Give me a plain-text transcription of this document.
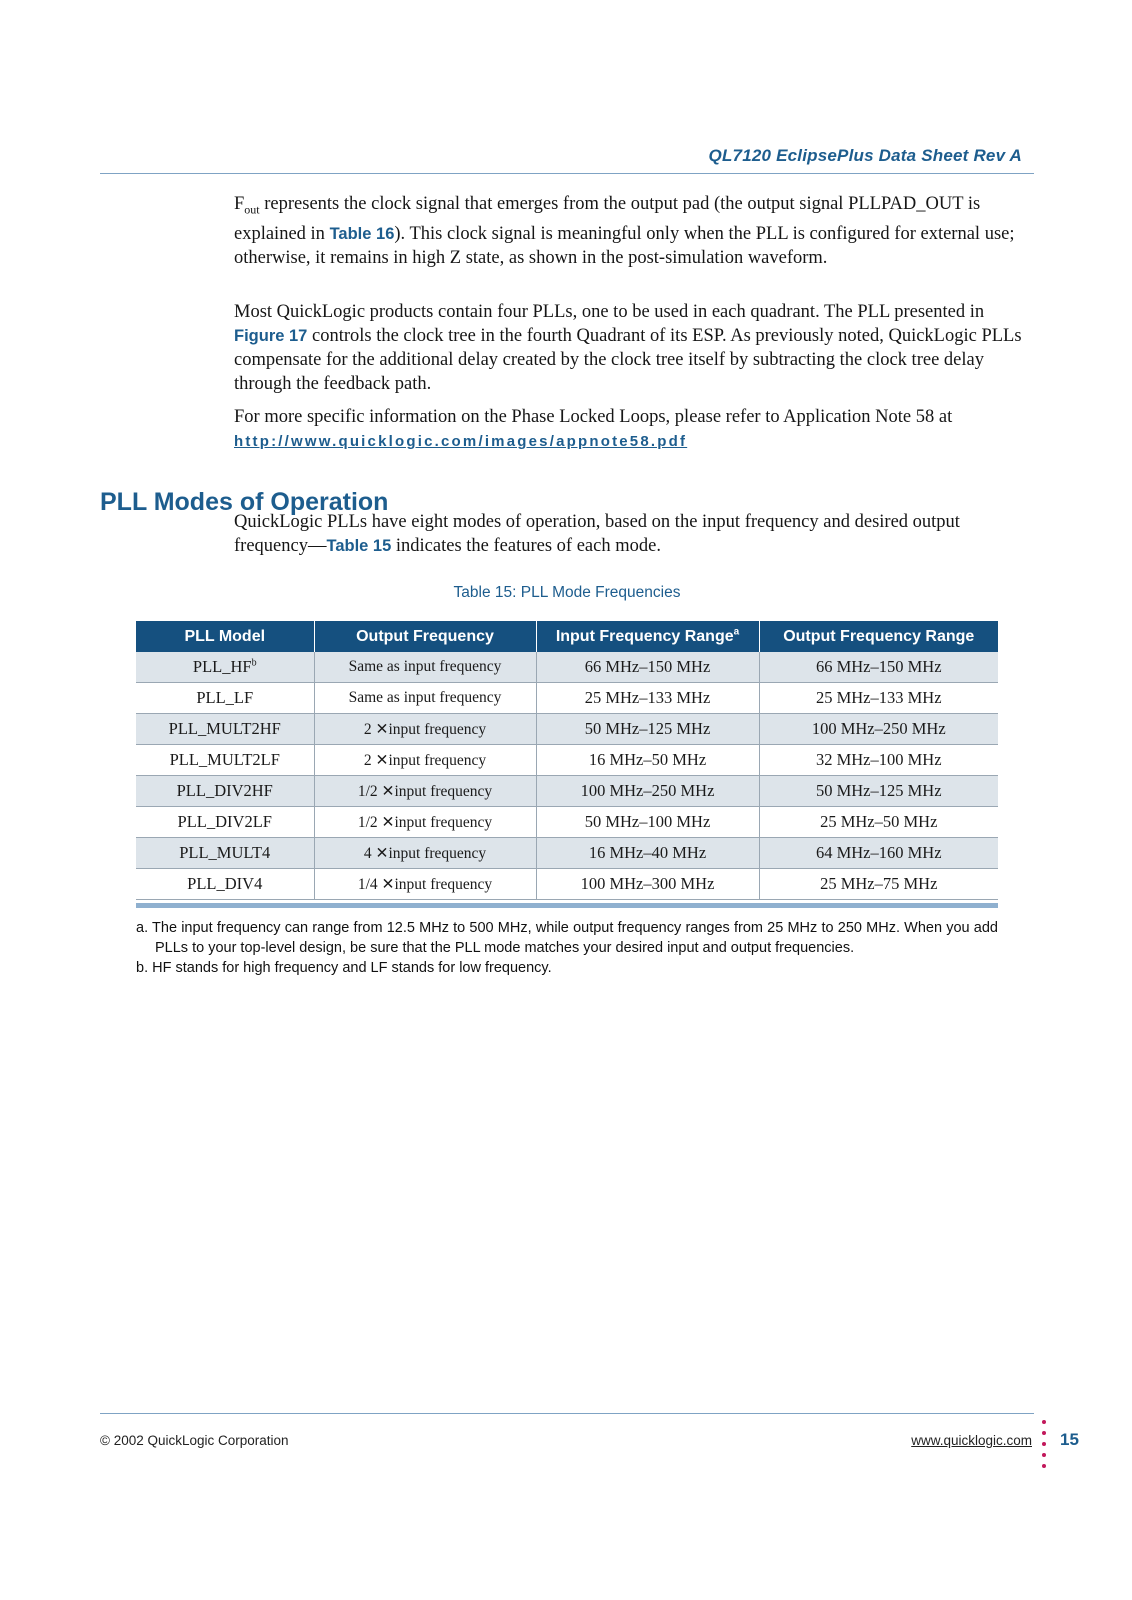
QL7120 EclipsePlus Data Sheet Rev A

$F_{out}$ represents the clock signal that emerges from the output pad (the output signal PLLPAD_OUT is explained in Table 16). This clock signal is meaningful only when the PLL is configured for external use; otherwise, it remains in high Z state, as shown in the post-simulation waveform.

Most QuickLogic products contain four PLLs, one to be used in each quadrant. The PLL presented in Figure 17 controls the clock tree in the fourth Quadrant of its ESP. As previously noted, QuickLogic PLLs compensate for the additional delay created by the clock tree itself by subtracting the clock tree delay through the feedback path.

For more specific information on the Phase Locked Loops, please refer to Application Note 58 at http://www.quicklogic.com/images/appnote58.pdf

PLL Modes of Operation

QuickLogic PLLs have eight modes of operation, based on the input frequency and desired output frequency—Table 15 indicates the features of each mode.

Table 15: PLL Mode Frequencies
PLL Model	Output Frequency	Input Frequency Range$^a$	Output Frequency Range
$PLL\_HF^b$	Same as input frequency	66 MHz–150 MHz	66 MHz–150 MHz
PLL_LF	Same as input frequency	25 MHz–133 MHz	25 MHz–133 MHz
PLL_MULT2HF	2 ✕input frequency	50 MHz–125 MHz	100 MHz–250 MHz
PLL_MULT2LF	2 ✕input frequency	16 MHz–50 MHz	32 MHz–100 MHz
PLL_DIV2HF	1/2 ✕input frequency	100 MHz–250 MHz	50 MHz–125 MHz
PLL_DIV2LF	1/2 ✕input frequency	50 MHz–100 MHz	25 MHz–50 MHz
PLL_MULT4	4 ✕input frequency	16 MHz–40 MHz	64 MHz–160 MHz
PLL_DIV4	1/4 ✕input frequency	100 MHz–300 MHz	25 MHz–75 MHz

a. The input frequency can range from 12.5 MHz to 500 MHz, while output frequency ranges from 25 MHz to 250 MHz. When you add PLLs to your top-level design, be sure that the PLL mode matches your desired input and output frequencies.

b. HF stands for high frequency and LF stands for low frequency.

© 2002 QuickLogic Corporation	www.quicklogic.com 15
